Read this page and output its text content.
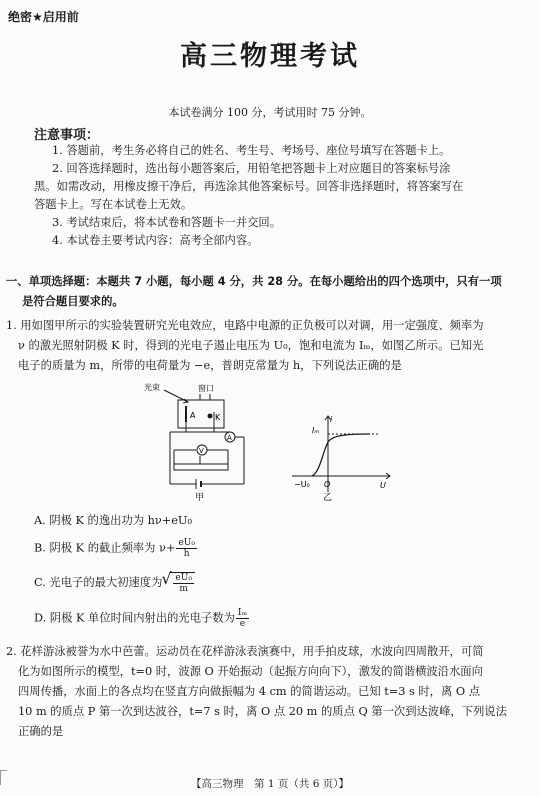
绝密★启用前
高三物理考试
本试卷满分 100 分，考试用时 75 分钟。
注意事项：
1. 答题前，考生务必将自己的姓名、考生号、考场号、座位号填写在答题卡上。
2. 回答选择题时，选出每小题答案后，用铅笔把答题卡上对应题目的答案标号涂
黑。如需改动，用橡皮擦干净后，再选涂其他答案标号。回答非选择题时，将答案写在
答题卡上。写在本试卷上无效。
3. 考试结束后，将本试卷和答题卡一并交回。
4. 本试卷主要考试内容：高考全部内容。
一、单项选择题：本题共 7 小题，每小题 4 分，共 28 分。在每小题给出的四个选项中，只有一项
是符合题目要求的。
1. 用如图甲所示的实验装置研究光电效应，电路中电源的正负极可以对调，用一定强度、频率为
ν 的激光照射阴极 K 时，得到的光电子遏止电压为 U₀，饱和电流为 Iₘ，如图乙所示。已知光
电子的质量为 m，所带的电荷量为 −e，普朗克常量为 h，下列说法正确的是
光束	窗口
A K
A
V
甲
i
Iₘ
−U₀ O	U
乙
A. 阴极 K 的逸出功为 hν+eU₀
B. 阴极 K 的截止频率为 $\nu+ \frac{\text{eU₀}}{h}$
C. 光电子的最大初速度为
√ $\frac{\text{eU₀}}{m}$
D. 阴极 K 单位时间内射出的光电子数为 $\frac{\text{Iₘ}}{e}$
2. 花样游泳被誉为水中芭蕾。运动员在花样游泳表演赛中，用手拍皮球，水波向四周散开，可简
化为如图所示的模型，t=0 时，波源 O 开始振动（起振方向向下），激发的简谐横波沿水面向
四周传播，水面上的各点均在竖直方向做振幅为 4 cm 的简谐运动。已知 t=3 s 时，离 O 点
10 m 的质点 P 第一次到达波谷，t=7 s 时，离 O 点 20 m 的质点 Q 第一次到达波峰，下列说法
正确的是
【高三物理　第 1 页（共 6 页）】
